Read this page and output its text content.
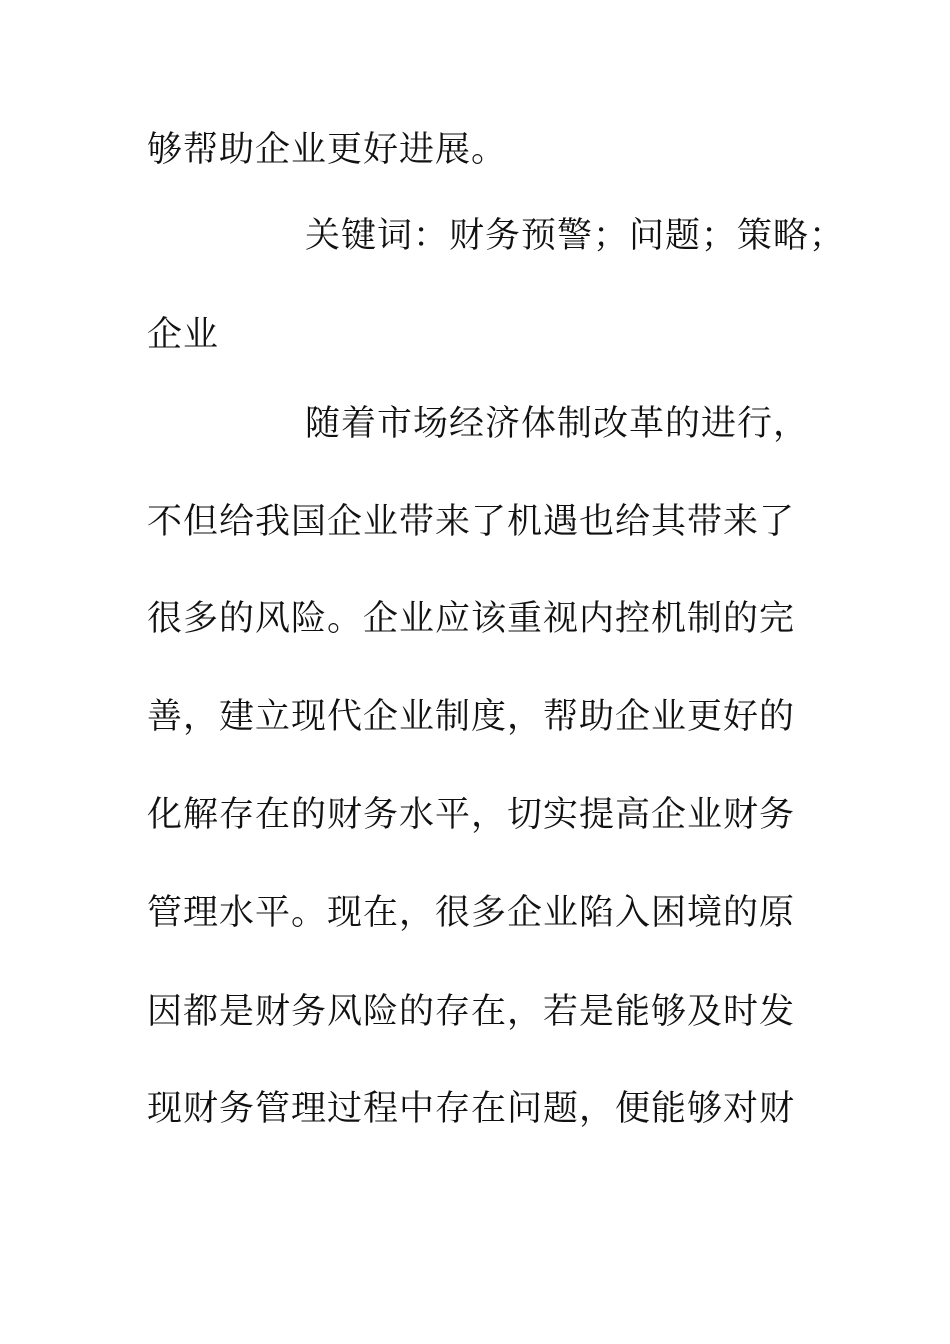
够帮助企业更好进展。
关键词：财务预警；问题；策略；
企业
随着市场经济体制改革的进行，
不但给我国企业带来了机遇也给其带来了
很多的风险。企业应该重视内控机制的完
善，建立现代企业制度，帮助企业更好的
化解存在的财务水平，切实提高企业财务
管理水平。现在，很多企业陷入困境的原
因都是财务风险的存在，若是能够及时发
现财务管理过程中存在问题，便能够对财
